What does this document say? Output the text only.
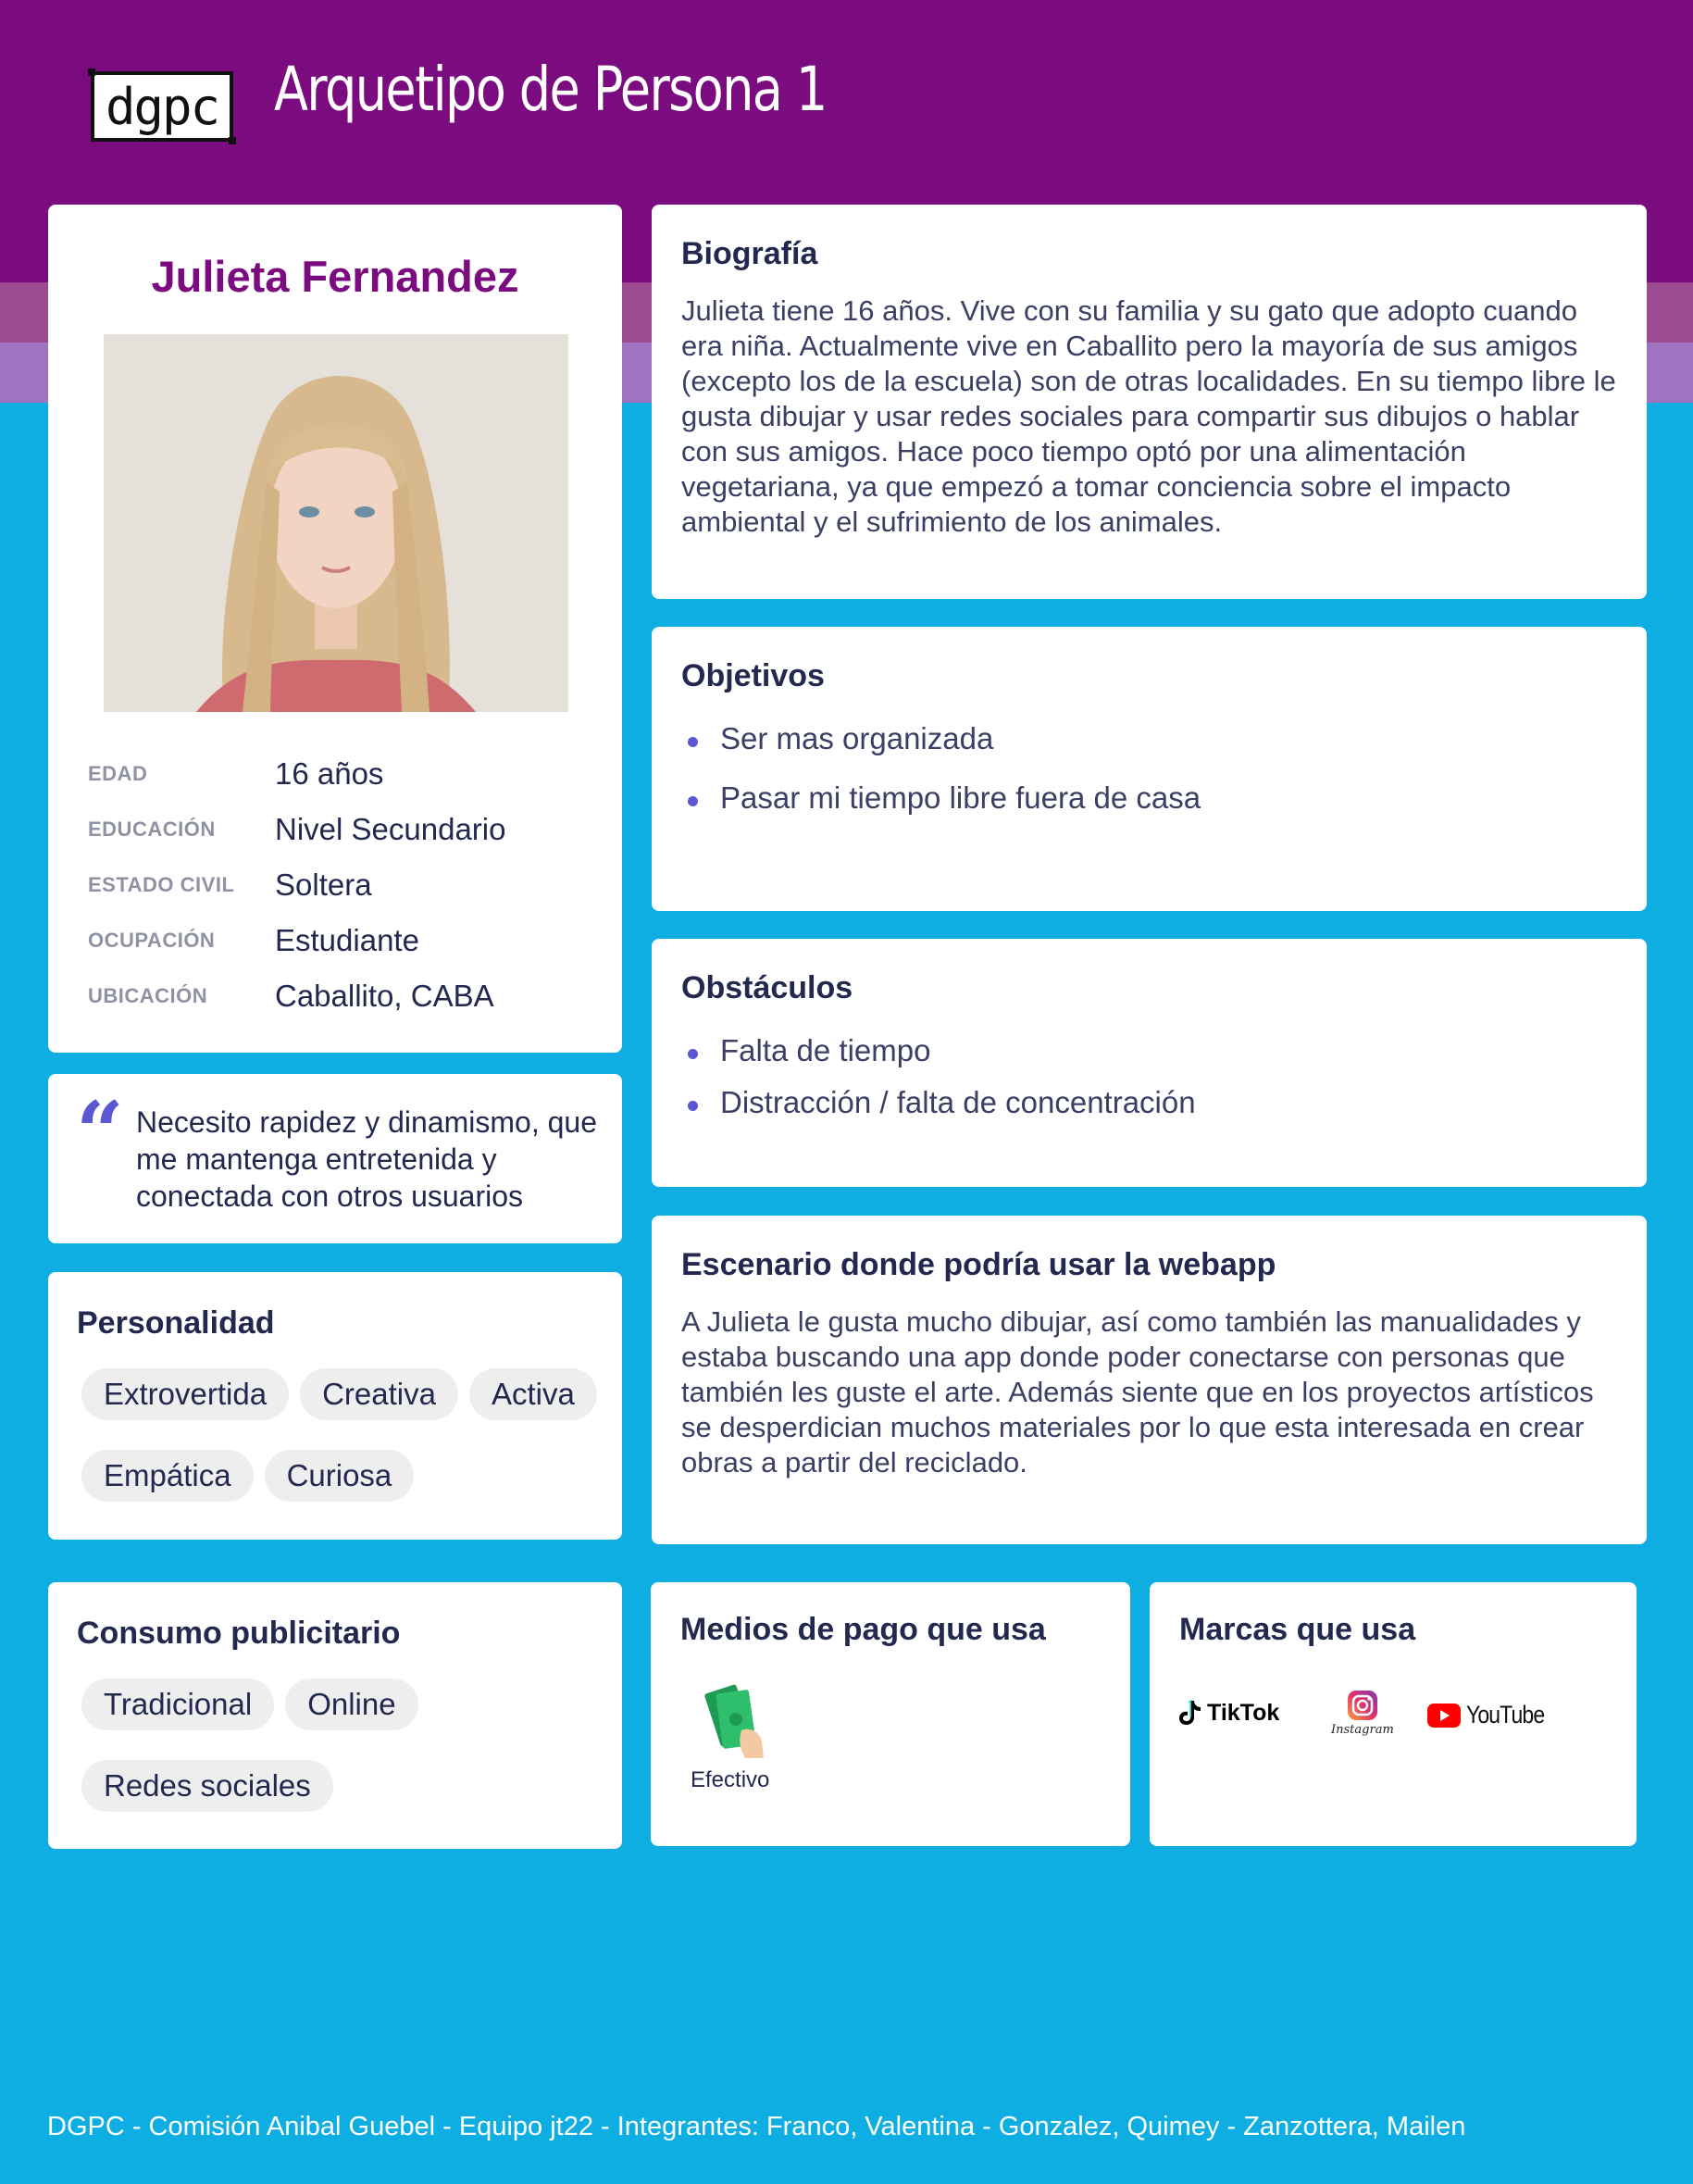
dgpc Arquetipo de Persona 1
Julieta Fernandez
EDAD	16 años
EDUCACIÓN	Nivel Secundario
ESTADO CIVIL	Soltera
OCUPACIÓN	Estudiante
UBICACIÓN	Caballito, CABA
“ Necesito rapidez y dinamismo, que me mantenga entretenida y conectada con otros usuarios
Personalidad
Extrovertida	Creativa	Activa
Empática	Curiosa
Consumo publicitario
Tradicional	Online
Redes sociales
Biografía

Julieta tiene 16 años. Vive con su familia y su gato que adopto cuando era niña. Actualmente vive en Caballito pero la mayoría de sus amigos (excepto los de la escuela) son de otras localidades. En su tiempo libre le gusta dibujar y usar redes sociales para compartir sus dibujos o hablar con sus amigos. Hace poco tiempo optó por una alimentación vegetariana, ya que empezó a tomar conciencia sobre el impacto ambiental y el sufrimiento de los animales.

Objetivos
Ser mas organizada
Pasar mi tiempo libre fuera de casa
Obstáculos
Falta de tiempo
Distracción / falta de concentración
Escenario donde podría usar la webapp

A Julieta le gusta mucho dibujar, así como también las manualidades y estaba buscando una app donde poder conectarse con personas que también les guste el arte. Además siente que en los proyectos artísticos se desperdician muchos materiales por lo que esta interesada en crear obras a partir del reciclado.

Medios de pago que usa
Efectivo
Marcas que usa
TikTok
Instagram
YouTube
DGPC - Comisión Anibal Guebel - Equipo jt22 - Integrantes: Franco, Valentina - Gonzalez, Quimey - Zanzottera, Mailen
